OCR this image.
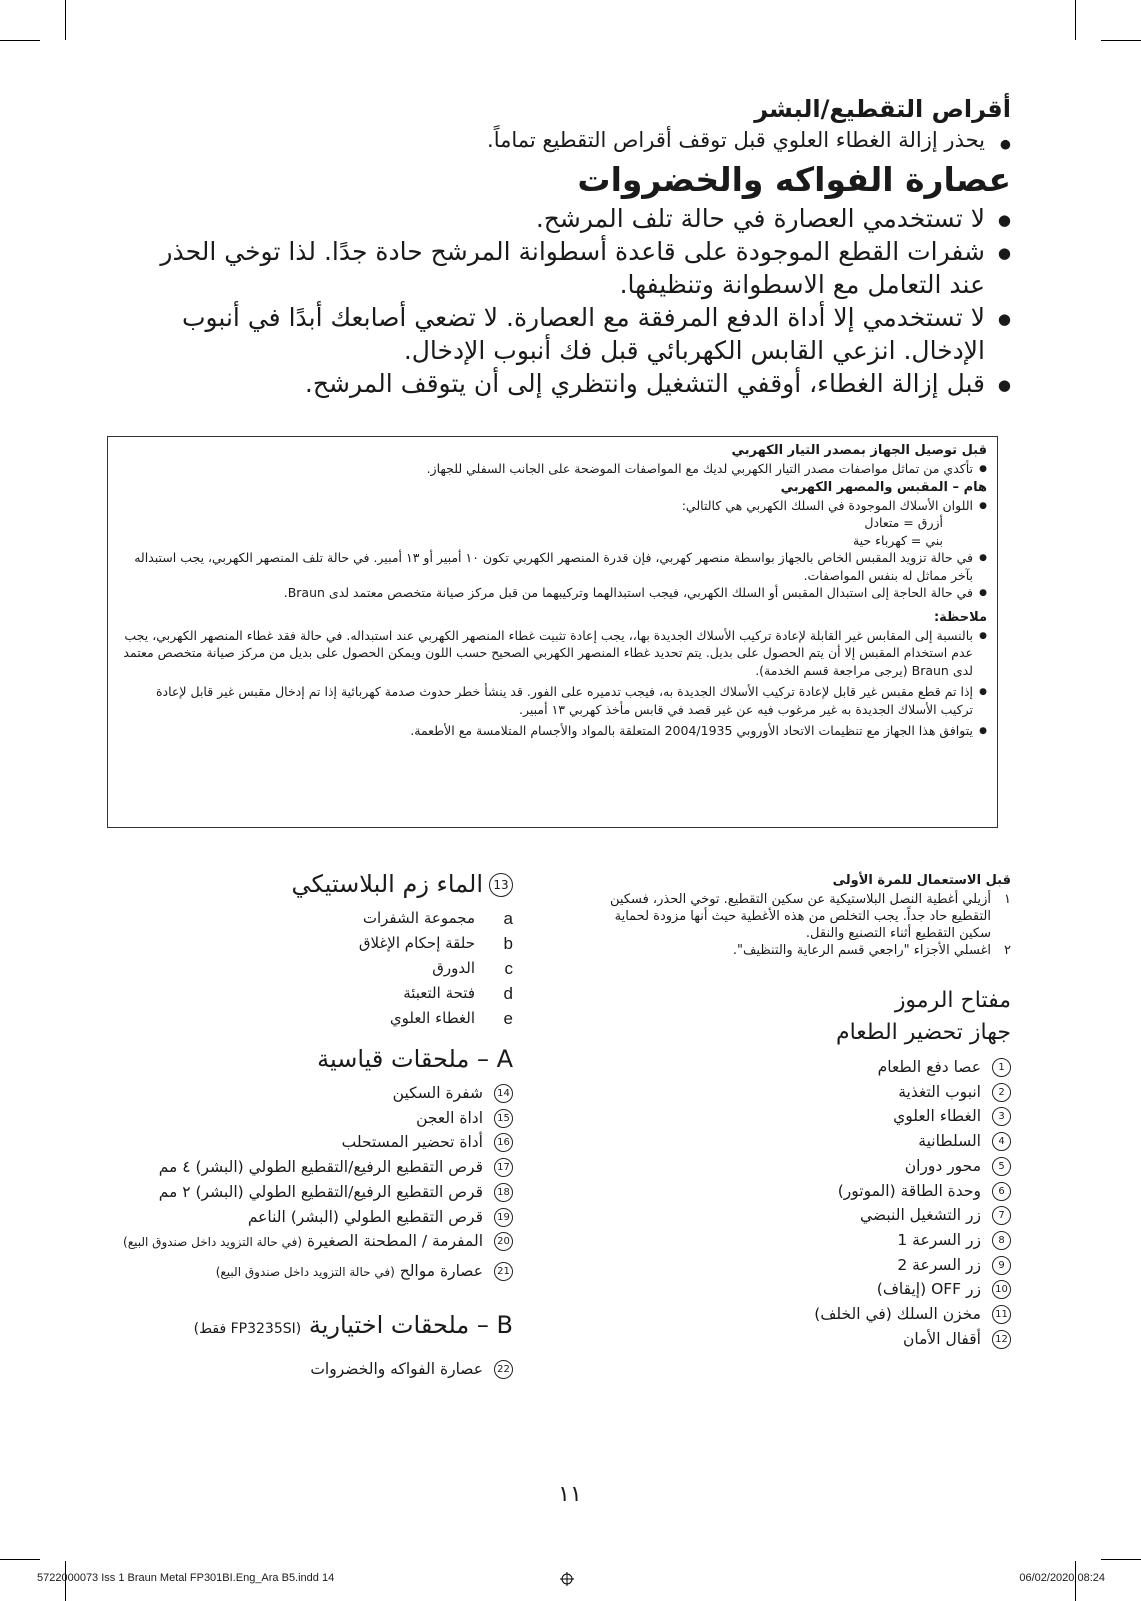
أقراص التقطيع/البشر
● يحذر إزالة الغطاء العلوي قبل توقف أقراص التقطيع تماماً.
عصارة الفواكه والخضروات
● لا تستخدمي العصارة في حالة تلف المرشح.
● شفرات القطع الموجودة على قاعدة أسطوانة المرشح حادة جدًا. لذا توخي الحذر عند التعامل مع الاسطوانة وتنظيفها.
● لا تستخدمي إلا أداة الدفع المرفقة مع العصارة. لا تضعي أصابعك أبدًا في أنبوب الإدخال. انزعي القابس الكهربائي قبل فك أنبوب الإدخال.
● قبل إزالة الغطاء، أوقفي التشغيل وانتظري إلى أن يتوقف المرشح.
قبل توصيل الجهاز بمصدر التيار الكهربي
● تأكدي من تماثل مواصفات مصدر التيار الكهربي لديك مع المواصفات الموضحة على الجانب السفلي للجهاز.
هام – المقبس والمصهر الكهربي
● اللوان الأسلاك الموجودة في السلك الكهربي هي كالتالي:
أزرق = متعادل
بني = كهرباء حية
● في حالة تزويد المقبس الخاص بالجهاز بواسطة منصهر كهربي، فإن قدرة المنصهر الكهربي تكون ١٠ أمبير أو ١٣ أمبير. في حالة تلف المنصهر الكهربي، يجب استبداله بآخر مماثل له بنفس المواصفات.
● في حالة الحاجة إلى استبدال المقبس أو السلك الكهربي، فيجب استبدالهما وتركيبهما من قبل مركز صيانة متخصص معتمد لدى Braun.
ملاحظة:
● بالنسبة إلى المقابس غير القابلة لإعادة تركيب الأسلاك الجديدة بها،، يجب إعادة تثبيت غطاء المنصهر الكهربي عند استبداله. في حالة فقد غطاء المنصهر الكهربي، يجب عدم استخدام المقبس إلا أن يتم الحصول على بديل. يتم تحديد غطاء المنصهر الكهربي الصحيح حسب اللون ويمكن الحصول على بديل من مركز صيانة متخصص معتمد لدى Braun (يرجى مراجعة قسم الخدمة).
● إذا تم قطع مقبس غير قابل لإعادة تركيب الأسلاك الجديدة به، فيجب تدميره على الفور. قد ينشأ خطر حدوث صدمة كهربائية إذا تم إدخال مقبس غير قابل لإعادة تركيب الأسلاك الجديدة به غير مرغوب فيه عن غير قصد في قابس مأخذ كهربي ١٣ أمبير.
● يتوافق هذا الجهاز مع تنظيمات الاتحاد الأوروبي 2004/1935 المتعلقة بالمواد والأجسام المتلامسة مع الأطعمة.
قبل الاستعمال للمرة الأولى
١
أزيلي أغطية النصل البلاستيكية عن سكين التقطيع. توخي الحذر، فسكين التقطيع حاد جداً. يجب التخلص من هذه الأغطية حيث أنها مزودة لحماية سكين التقطيع أثناء التصنيع والنقل.
٢
اغسلي الأجزاء "راجعي قسم الرعاية والتنظيف".
مفتاح الرموز
جهاز تحضير الطعام
1
عصا دفع الطعام
2
انبوب التغذية
3
الغطاء العلوي
4
السلطانية
5
محور دوران
6
وحدة الطاقة (الموتور)
7
زر التشغيل النبضي
8
زر السرعة 1
9
زر السرعة 2
10
زر OFF (إيقاف)
11
مخزن السلك (في الخلف)
12
أقفال الأمان
13الماء ﺯﻡ البلاستيكي
a
مجموعة الشفرات
b
حلقة إحكام الإغلاق
c
الدورق
d
فتحة التعبئة
e
الغطاء العلوي
A – ملحقات قياسية
14
شفرة السكين
15
اداة العجن
16
أداة تحضير المستحلب
17
قرص التقطيع الرفيع/التقطيع الطولي (البشر) ٤ مم
18
قرص التقطيع الرفيع/التقطيع الطولي (البشر) ٢ مم
19
قرص التقطيع الطولي (البشر) الناعم
20
المفرمة / المطحنة الصغيرة (في حالة التزويد داخل صندوق البيع)
21
عصارة موالح (في حالة التزويد داخل صندوق البيع)
B – ملحقات اختيارية (FP3235SI فقط)
22
عصارة الفواكه والخضروات
١١
5722000073 Iss 1 Braun Metal FP301BI.Eng_Ara B5.indd 14	06/02/2020 08:24
